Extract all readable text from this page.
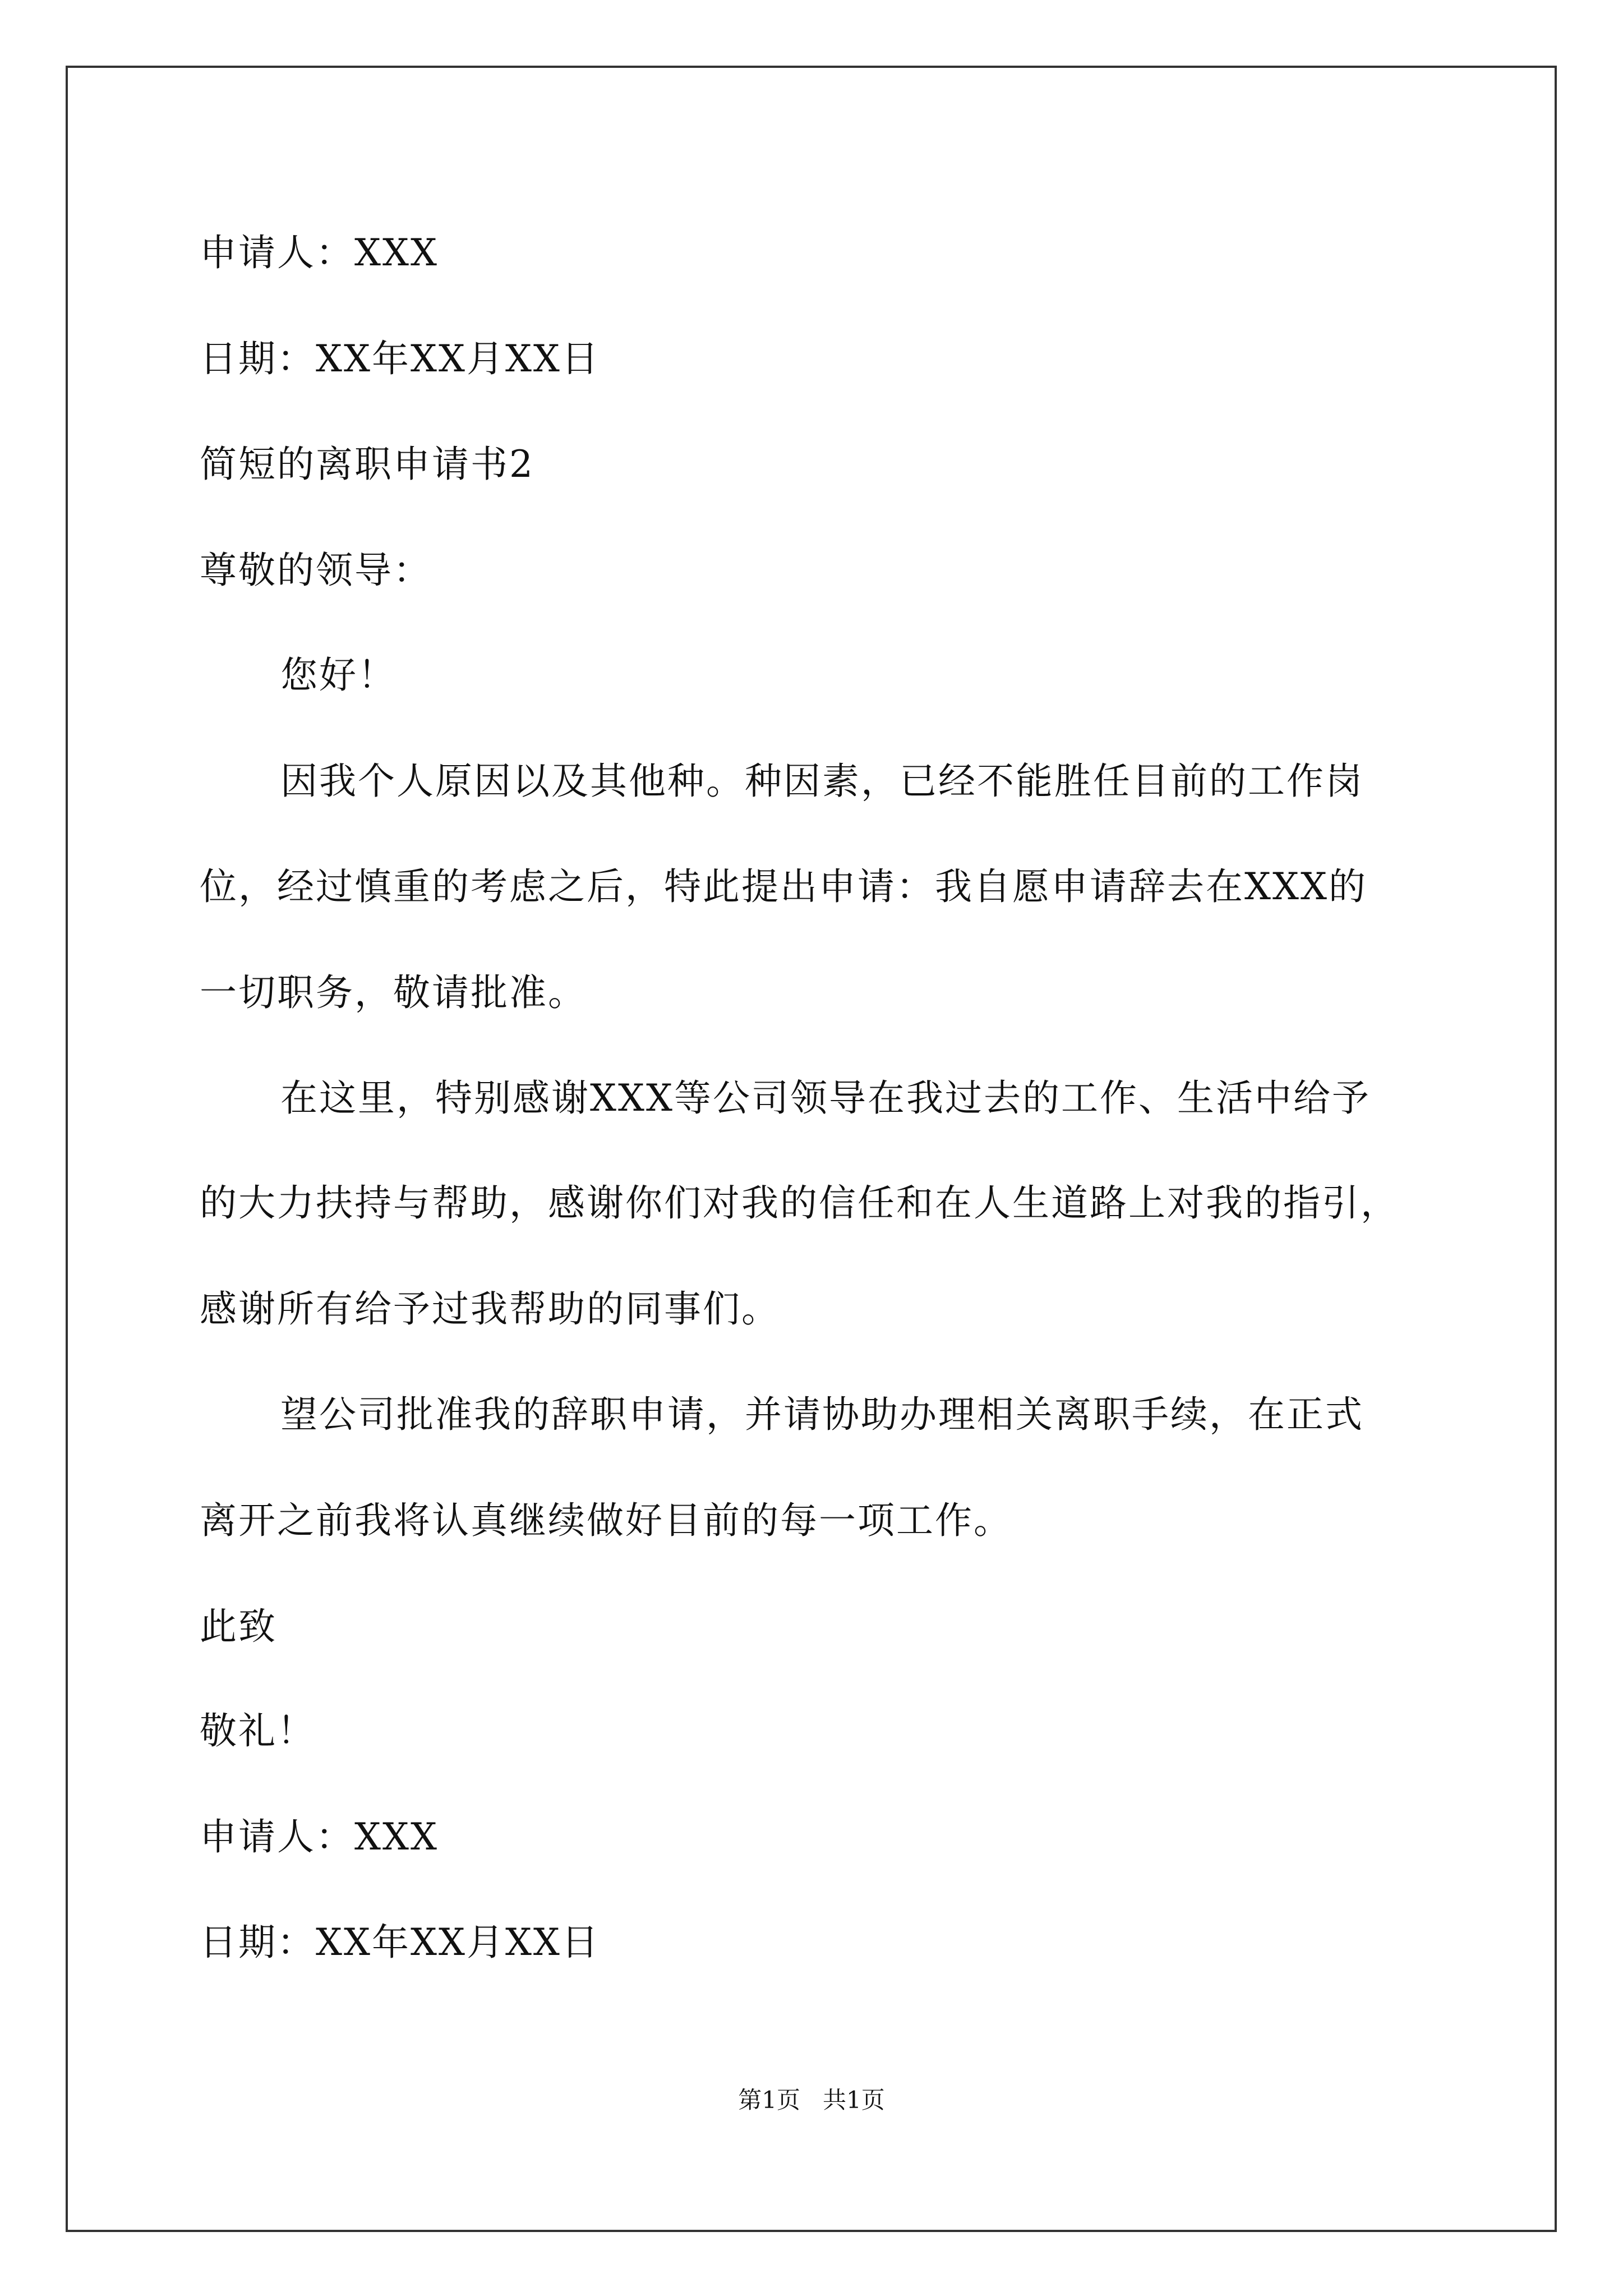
申请人：XXX
日期：XX年XX月XX日
简短的离职申请书2
尊敬的领导：
您好！
因我个人原因以及其他种。种因素，已经不能胜任目前的工作岗
位，经过慎重的考虑之后，特此提出申请：我自愿申请辞去在XXX的
一切职务，敬请批准。
在这里，特别感谢XXX等公司领导在我过去的工作、生活中给予
的大力扶持与帮助，感谢你们对我的信任和在人生道路上对我的指引，
感谢所有给予过我帮助的同事们。
望公司批准我的辞职申请，并请协助办理相关离职手续，在正式
离开之前我将认真继续做好目前的每一项工作。
此致
敬礼！
申请人：XXX
日期：XX年XX月XX日
第1页   共1页
